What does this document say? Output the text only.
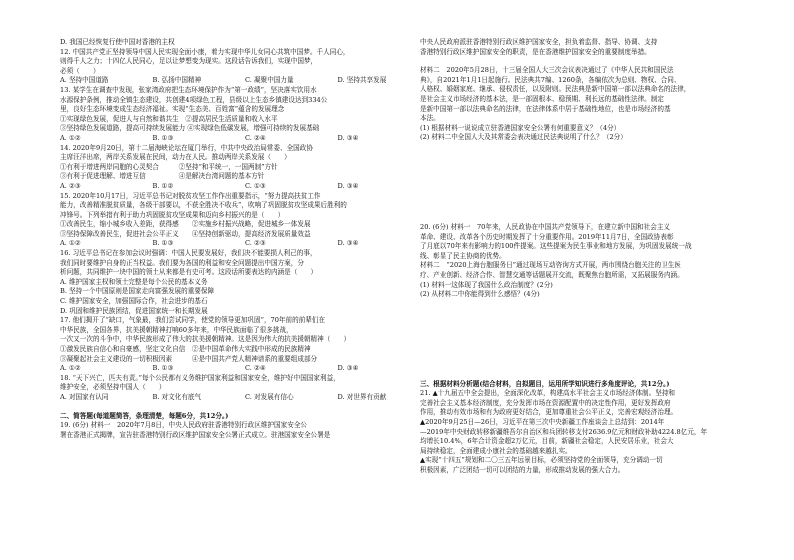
D. 我国已经恢复行使中国对香港的主权
12. 中国共产党正坚持领导中国人民实现全面小康，着力实现中华儿女同心共筑中国梦。千人同心，
则得千人之力；十四亿人民同心，足以让梦想变为现实。这段话告诉我们，实现中国梦，
必须（　　）
A. 坚持中国道路	B. 弘扬中国精神	C. 凝聚中国力量	D. 坚持共享发展
13. 某学生在调查中发现，张家湾政府把生态环境保护作为“第一政绩”，坚决落实饮用水
水源保护条例，推动全镇生态建设，共创建4项绿色工程，县级以上生态乡镇建设达到334公
里，良好生态环境变成生态经济福祉。实现“生态美、百姓富”蕴含的发展理念
①实现绿色发展，促进人与自然和谐共生　②提高居民生活质量和收入水平
③坚持绿色发展道路，提高可持续发展能力 ④实现绿色低碳发展，增强可持续的发展基础
A. ①②	B. ①③	C. ②④	D. ③④
14. 2020年9月20日，第十二届海峡论坛在厦门举行，中共中央政治局常委、全国政协
主席汪洋出席，两岸关系发展在民间，动力在人民。推动两岸关系发展（　　）
①有利于增进两岸同胞的心灵契合　　　②坚持“和平统一，一国两制”方针
③有利于促进理解、增进互信　　　　　④是解决台湾问题的基本方针
A. ②③	B. ①②	C. ①③	D. ③④
15. 2020年10月17日，习近平总书记对脱贫攻坚工作作出重要指示，“努力提高扶贫工作
能力，改善精准脱贫质量，各级干部要以，不获全胜决不收兵”，吹响了巩固脱贫攻坚成果后胜利的
冲锋号。下列举措有利于助力巩固脱贫攻坚成果和迈向乡村振兴的是（　　）
①改善民生，缩小城乡收入差距，获得感　　②实施乡村振兴战略，促进城乡一体发展
③坚持保障改善民生，促进社会公平正义　　④坚持创新驱动，提高经济发展质量效益
A. ①②	B. ①③	C. ②③	D. ③④
16. 习近平总书记在参加会议时强调：中国人民要发展好，我们决不能要损人利己的事，
我们同时要维护自身的正当权益。我们要为各国的利益和安全问题提出中国方案，分
析问题，共同维护一块中国的领土从来都是有史可考。这段话所要表达的内涵是（　　）
A. 维护国家主权和领土完整是每个公民的基本义务
B. 坚持一个中国原则是国家走向富强发展的重要保障
C. 维护国家安全，加强国际合作，社会进步的基石
D. 巩固和维护民族团结，促进国家统一和长期发展
17. 他们揭开了“缺口，气象最，我们尝试同学，使党的领导更加巩固”，70年前的前辈们在
中华民族，全国各界，抗美援朝精神打响60多年来，中华民族面临了很多挑战，
一次又一次的斗争中，中华民族形成了伟大的抗美援朝精神。这是因为伟大的抗美援朝精神（　　）
①激发民族自信心和自豪感，坚定文化自信　②是中国革命伟大实践中形成的民族精神
③凝聚起社会主义建设的一切积极因素　　　④是中国共产党人精神谱系的重要组成部分
A. ①②	B. ①③	C. ②④	D. ③④
18. “天下兴亡，匹夫有责。”每个公民都有义务维护国家利益和国家安全，维护好中国国家利益，
维护安全，必须坚持中国人（　　）
A. 对国家有认同	B. 对文化有底气	C. 对发展有信心	D. 对世界有贡献
二、简答题(每道题简答，条理清楚，每题6分，共12分。)
19. (6分) 材料一　2020年7月8日，中央人民政府驻香港特别行政区维护国家安全公
署在香港正式揭牌，宣告驻香港特别行政区维护国家安全公署正式成立。驻港国家安全公署是
中央人民政府派驻香港特别行政区维护国家安全，担负着监督、指导、协调、支持
香港特别行政区维护国家安全的职责，是在香港维护国家安全的重要制度举措。
材料二　2020年5月28日，十三届全国人大三次会议表决通过了《中华人民共和国民法
典》，自2021年1月1日起施行。民法典共7编、1260条，各编依次为总则、物权、合同、
人格权、婚姻家庭、继承、侵权责任，以及附则。民法典是新中国第一部以法典命名的法律，
是社会主义市场经济的基本法，是一部固根本、稳预期、利长远的基础性法律。制定
是新中国第一部以法典命名的法律，在法律体系中居于基础性地位，也是市场经济的基
本法。
(1) 根据材料一说说成立驻香港国家安全公署有何重要意义？（4分）
(2) 材料二中全国人大及其常委会表决通过民法典说明了什么？（2分）
20. (6分) 材料一　70年来，人民政协在中国共产党领导下，在建立新中国和社会主义
革命、建设、改革各个历史时期发挥了十分重要作用。2019年11月7日，全国政协表彰
了月底以70年来有影响力的100件提案。这些提案为民生事业和地方发展，为巩固发展统一战
线、彰显了民主协商的优势。
材料二　“2020上海台胞服务日”通过现场互动咨询方式开展，两市围绕台胞关注的卫生医
疗、产业创新、经济合作、智慧交通等话题展开交流，既聚焦台胞所需，又拓展服务内涵。
(1) 材料一这体现了我国什么政治制度？(2分)
(2) 从材料二中你能得到什么感悟？(4分)
三、根据材料分析题(结合材料，自拟题目，运用所学知识进行多角度评论，共12分。)
21. ▲十九届五中全会提出，全面深化改革，构建高水平社会主义市场经济体制。坚持和
完善社会主义基本经济制度，充分发挥市场在资源配置中的决定性作用，更好发挥政府
作用，推动有效市场和有为政府更好结合，更加尊重社会公平正义，完善宏观经济治理。
▲2020年9月25日—26日，习近平在第三次中央新疆工作座谈会上总结到：2014年
—2019年中央财政转移新疆维吾尔自治区和兵团转移支付2636.9亿元和财政补助4224.8亿元，年
均增长10.4%，6年合计资金超2万亿元，目前，新疆社会稳定，人民安居乐业，社会大
局持续稳定，全面建成小康社会的基础越来越扎实。
▲实现“十四五”规划和二〇三五年远景目标，必须坚持党的全面领导，充分调动一切
积极因素，广泛团结一切可以团结的力量，形成推动发展的强大合力。
